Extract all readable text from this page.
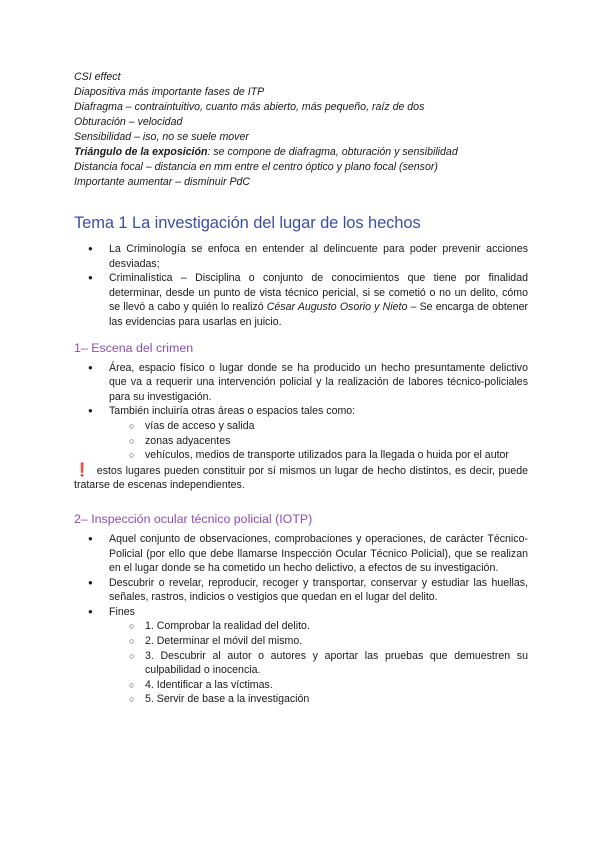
CSI effect
Diapositiva más importante fases de ITP
Diafragma – contraintuitivo, cuanto más abierto, más pequeño, raíz de dos
Obturación – velocidad
Sensibilidad – iso, no se suele mover
Triángulo de la exposición: se compone de diafragma, obturación y sensibilidad
Distancia focal – distancia en mm entre el centro óptico y plano focal (sensor)
Importante aumentar – disminuir PdC
Tema 1 La investigación del lugar de los hechos
● La Criminología se enfoca en entender al delincuente para poder prevenir acciones desviadas;
● Criminalística – Disciplina o conjunto de conocimientos que tiene por finalidad determinar, desde un punto de vista técnico pericial, si se cometió o no un delito, cómo se llevó a cabo y quién lo realizó César Augusto Osorio y Nieto – Se encarga de obtener las evidencias para usarlas en juicio.
1– Escena del crimen
● Área, espacio físico o lugar donde se ha producido un hecho presuntamente delictivo que va a requerir una intervención policial y la realización de labores técnico-policiales para su investigación.
● También incluiría otras áreas o espacios tales como:
○ vías de acceso y salida
○ zonas adyacentes
○ vehículos, medios de transporte utilizados para la llegada o huida por el autor
❗ estos lugares pueden constituir por sí mismos un lugar de hecho distintos, es decir, puede tratarse de escenas independientes.
2– Inspección ocular técnico policial (IOTP)
● Aquel conjunto de observaciones, comprobaciones y operaciones, de carácter Técnico-Policial (por ello que debe llamarse Inspección Ocular Técnico Policial), que se realizan en el lugar donde se ha cometido un hecho delictivo, a efectos de su investigación.
● Descubrir o revelar, reproducir, recoger y transportar, conservar y estudiar las huellas, señales, rastros, indicios o vestigios que quedan en el lugar del delito.
● Fines
○ 1. Comprobar la realidad del delito.
○ 2. Determinar el móvil del mismo.
○ 3. Descubrir al autor o autores y aportar las pruebas que demuestren su culpabilidad o inocencia.
○ 4. Identificar a las víctimas.
○ 5. Servir de base a la investigación
